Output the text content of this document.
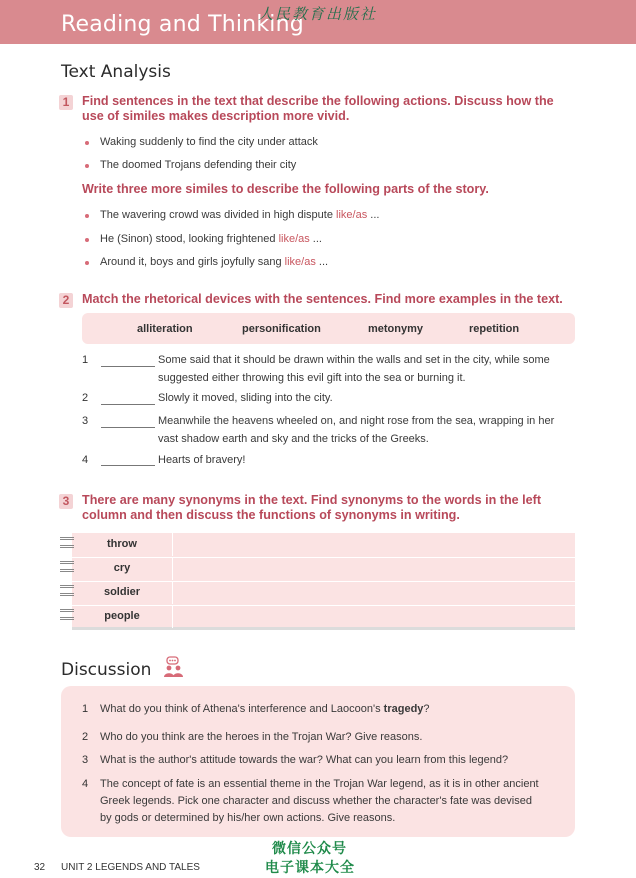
Reading and Thinking
人民教育出版社
Text Analysis
1 Find sentences in the text that describe the following actions. Discuss how the
use of similes makes description more vivid.
Waking suddenly to find the city under attack
The doomed Trojans defending their city
Write three more similes to describe the following parts of the story.
The wavering crowd was divided in high dispute like/as ...
He (Sinon) stood, looking frightened like/as ...
Around it, boys and girls joyfully sang like/as ...
2 Match the rhetorical devices with the sentences. Find more examples in the text.
alliteration	personification	metonymy	repetition
1	Some said that it should be drawn within the walls and set in the city, while some
suggested either throwing this evil gift into the sea or burning it.
2	Slowly it moved, sliding into the city.
3	Meanwhile the heavens wheeled on, and night rose from the sea, wrapping in her
vast shadow earth and sky and the tricks of the Greeks.
4	Hearts of bravery!
3 There are many synonyms in the text. Find synonyms to the words in the left
column and then discuss the functions of synonyms in writing.
throw
cry
soldier
people
Discussion
1 What do you think of Athena's interference and Laocoon's tragedy?
2 Who do you think are the heroes in the Trojan War? Give reasons.
3 What is the author's attitude towards the war? What can you learn from this legend?
4 The concept of fate is an essential theme in the Trojan War legend, as it is in other ancient
Greek legends. Pick one character and discuss whether the character's fate was devised
by gods or determined by his/her own actions. Give reasons.
32 UNIT 2 LEGENDS AND TALES
微信公众号
电子课本大全
